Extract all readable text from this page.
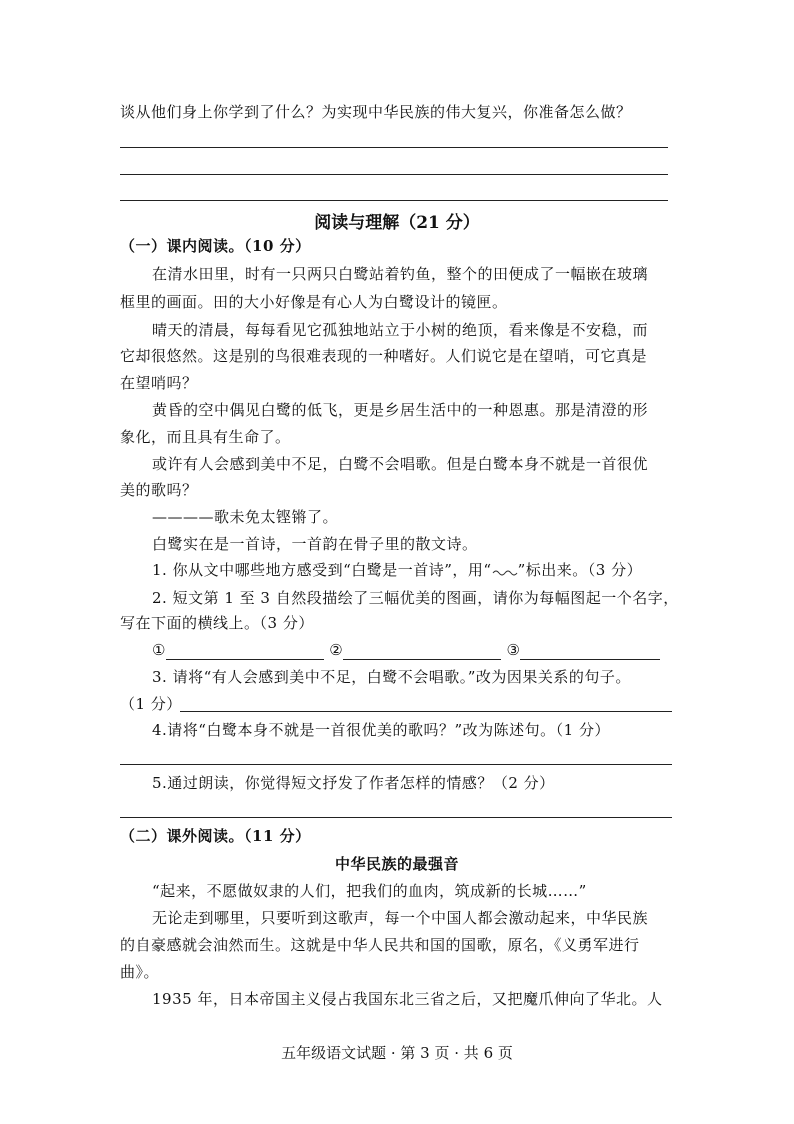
谈从他们身上你学到了什么？为实现中华民族的伟大复兴，你准备怎么做？
阅读与理解（21 分）
（一）课内阅读。（10 分）
在清水田里，时有一只两只白鹭站着钓鱼，整个的田便成了一幅嵌在玻璃
框里的画面。田的大小好像是有心人为白鹭设计的镜匣。
晴天的清晨，每每看见它孤独地站立于小树的绝顶，看来像是不安稳，而
它却很悠然。这是别的鸟很难表现的一种嗜好。人们说它是在望哨，可它真是
在望哨吗？
黄昏的空中偶见白鹭的低飞，更是乡居生活中的一种恩惠。那是清澄的形
象化，而且具有生命了。
或许有人会感到美中不足，白鹭不会唱歌。但是白鹭本身不就是一首很优
美的歌吗？
————歌未免太铿锵了。
白鹭实在是一首诗，一首韵在骨子里的散文诗。
1. 你从文中哪些地方感受到“白鹭是一首诗”，用“ ”标出来。（3 分）
2. 短文第 1 至 3 自然段描绘了三幅优美的图画，请你为每幅图起一个名字，
写在下面的横线上。（3 分）
①	②	③
3. 请将“有人会感到美中不足，白鹭不会唱歌。”改为因果关系的句子。
（1 分）
4.请将“白鹭本身不就是一首很优美的歌吗？”改为陈述句。（1 分）
5.通过朗读，你觉得短文抒发了作者怎样的情感？（2 分）
（二）课外阅读。（11 分）
中华民族的最强音
“起来，不愿做奴隶的人们，把我们的血肉，筑成新的长城……”
无论走到哪里，只要听到这歌声，每一个中国人都会激动起来，中华民族
的自豪感就会油然而生。这就是中华人民共和国的国歌，原名，《义勇军进行
曲》。
1935 年，日本帝国主义侵占我国东北三省之后，又把魔爪伸向了华北。人
五年级语文试题 · 第 3 页 · 共 6 页
